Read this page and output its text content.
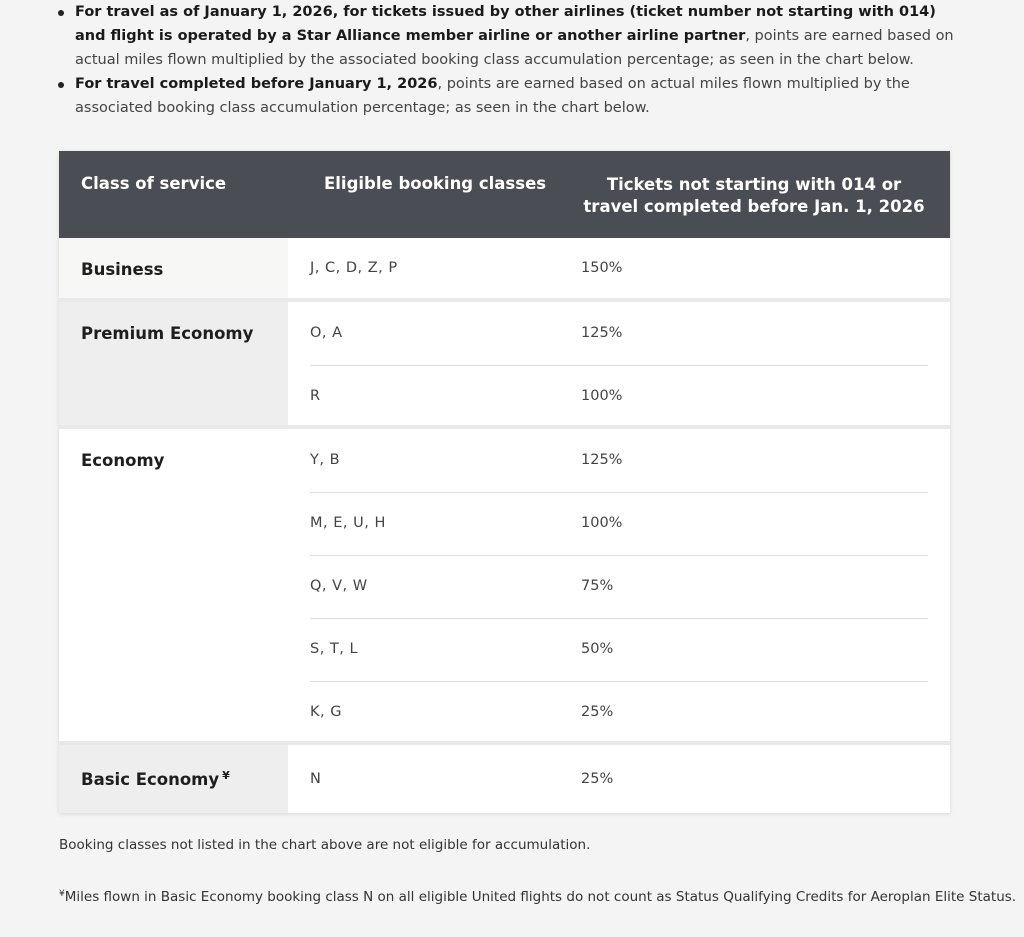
For travel as of January 1, 2026, for tickets issued by other airlines (ticket number not starting with 014) and flight is operated by a Star Alliance member airline or another airline partner, points are earned based on actual miles flown multiplied by the associated booking class accumulation percentage; as seen in the chart below.
For travel completed before January 1, 2026, points are earned based on actual miles flown multiplied by the associated booking class accumulation percentage; as seen in the chart below.
Class of service	Eligible booking classes	Tickets not starting with 014 or
travel completed before Jan. 1, 2026
Business	J, C, D, Z, P	150%
Premium Economy	O, A	125%
R	100%
Economy	Y, B	125%
M, E, U, H	100%
Q, V, W	75%
S, T, L	50%
K, G	25%
Basic Economy ¥	N	25%
Booking classes not listed in the chart above are not eligible for accumulation.
¥Miles flown in Basic Economy booking class N on all eligible United flights do not count as Status Qualifying Credits for Aeroplan Elite Status.
